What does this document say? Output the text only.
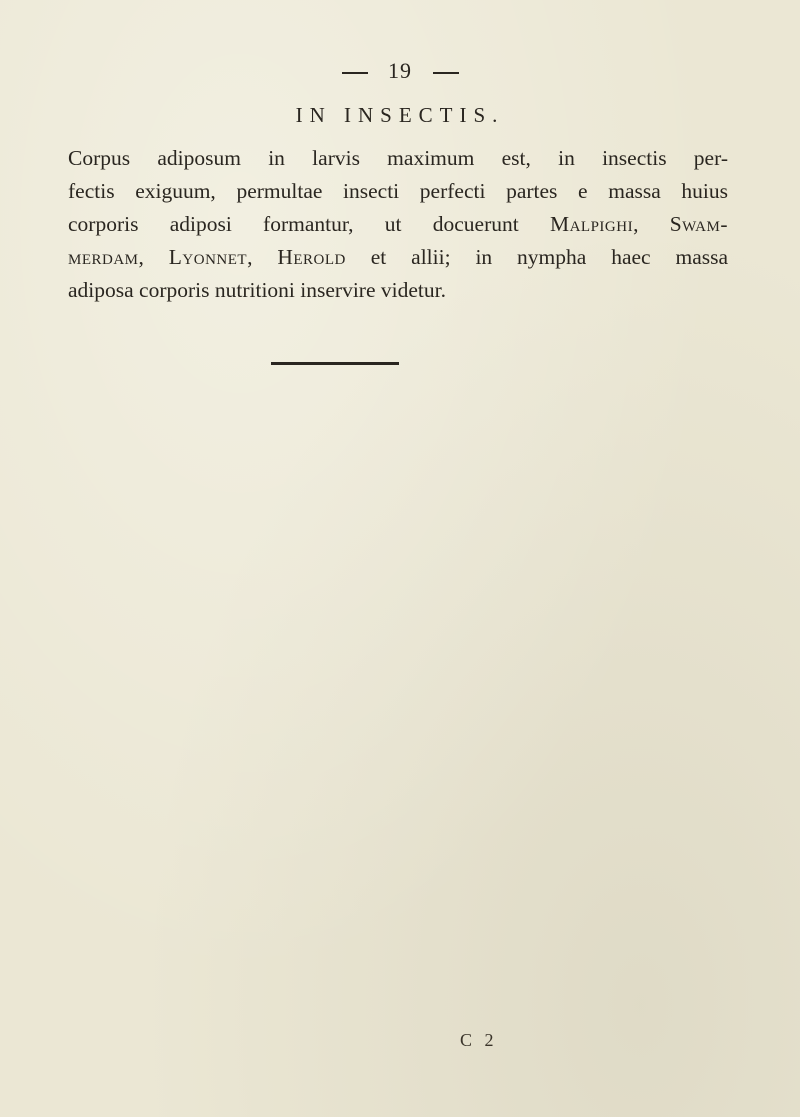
19
IN INSECTIS.
Corpus adiposum in larvis maximum est, in insectis per-
fectis exiguum, permultae insecti perfecti partes e massa huius
corporis adiposi formantur, ut docuerunt Malpighi, Swam-
merdam, Lyonnet, Herold et allii; in nympha haec massa
adiposa corporis nutritioni inservire videtur.
C 2
